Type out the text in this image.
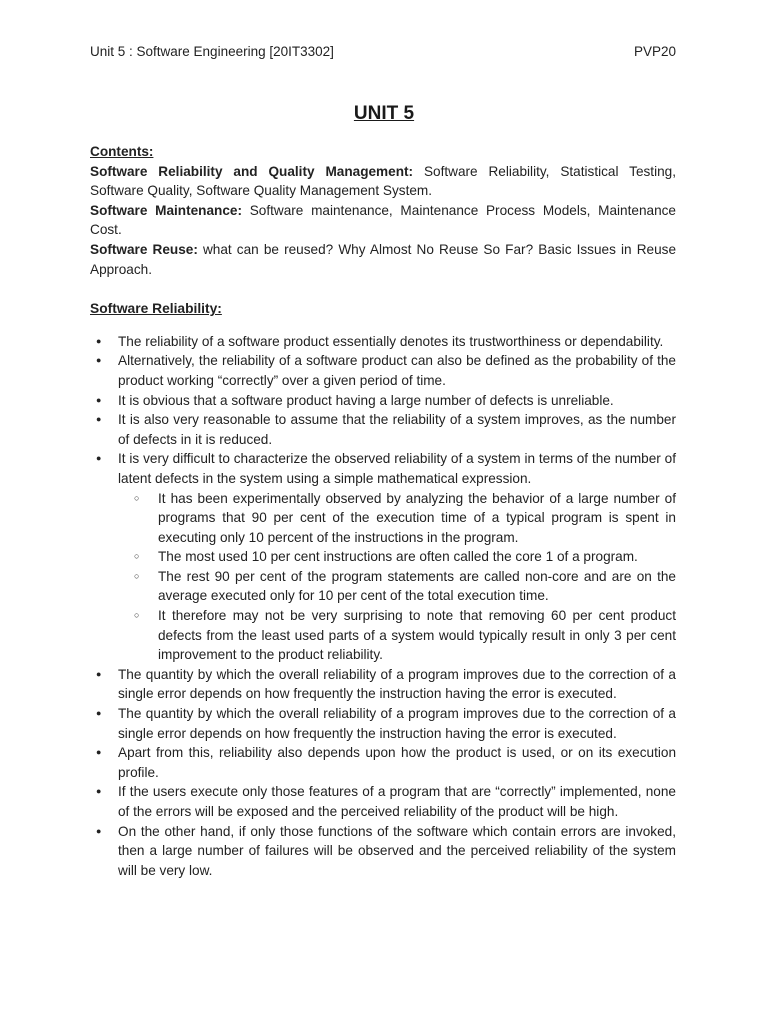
Unit 5 : Software Engineering [20IT3302]	PVP20
UNIT 5

Contents:

Software Reliability and Quality Management: Software Reliability, Statistical Testing, Software Quality, Software Quality Management System.

Software Maintenance: Software maintenance, Maintenance Process Models, Maintenance Cost.

Software Reuse: what can be reused? Why Almost No Reuse So Far? Basic Issues in Reuse Approach.

Software Reliability:

● The reliability of a software product essentially denotes its trustworthiness or dependability.
● Alternatively, the reliability of a software product can also be defined as the probability of the product working “correctly” over a given period of time.
● It is obvious that a software product having a large number of defects is unreliable.
● It is also very reasonable to assume that the reliability of a system improves, as the number of defects in it is reduced.
● It is very difficult to characterize the observed reliability of a system in terms of the number of latent defects in the system using a simple mathematical expression.
○ It has been experimentally observed by analyzing the behavior of a large number of programs that 90 per cent of the execution time of a typical program is spent in executing only 10 percent of the instructions in the program.
○ The most used 10 per cent instructions are often called the core 1 of a program.
○ The rest 90 per cent of the program statements are called non-core and are on the average executed only for 10 per cent of the total execution time.
○ It therefore may not be very surprising to note that removing 60 per cent product defects from the least used parts of a system would typically result in only 3 per cent improvement to the product reliability.
● The quantity by which the overall reliability of a program improves due to the correction of a single error depends on how frequently the instruction having the error is executed.
● The quantity by which the overall reliability of a program improves due to the correction of a single error depends on how frequently the instruction having the error is executed.
● Apart from this, reliability also depends upon how the product is used, or on its execution profile.
● If the users execute only those features of a program that are “correctly” implemented, none of the errors will be exposed and the perceived reliability of the product will be high.
● On the other hand, if only those functions of the software which contain errors are invoked, then a large number of failures will be observed and the perceived reliability of the system will be very low.
